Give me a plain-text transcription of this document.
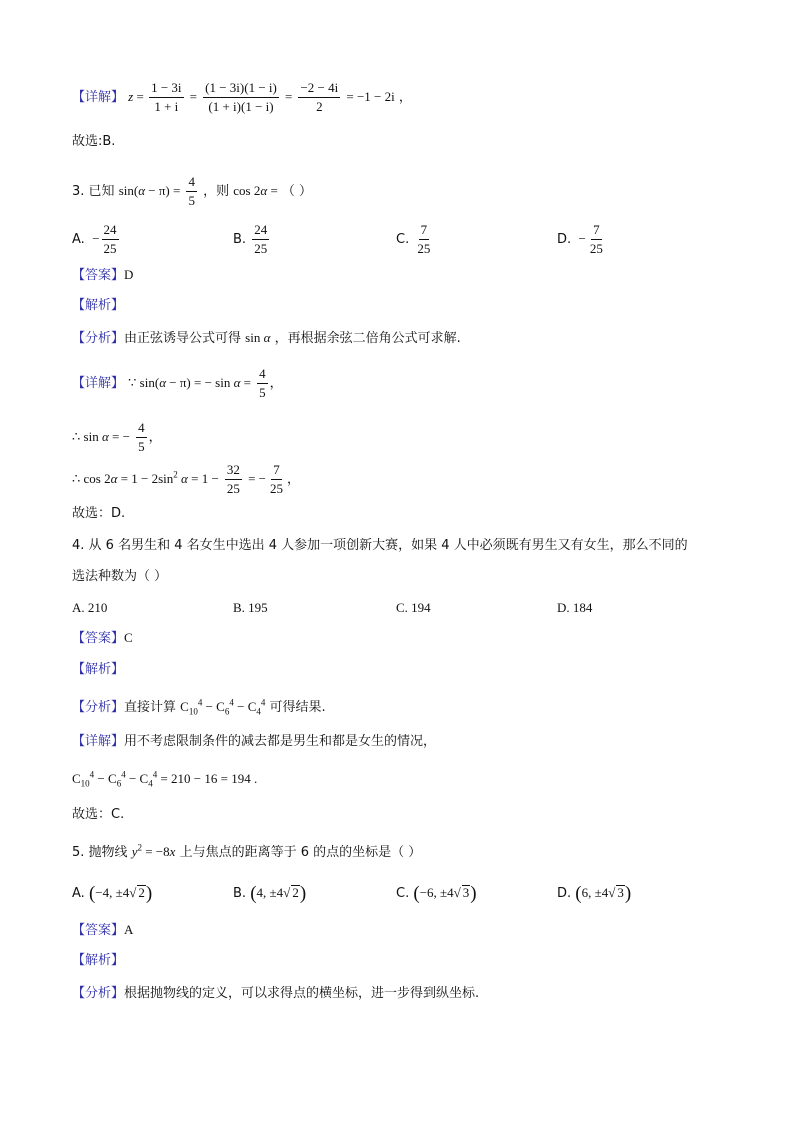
【详解】 $z = \frac{1 - 3i}{1 + i} = \frac{(1 - 3i)(1 - i)}{(1 + i)(1 - i)} = \frac{-2 - 4i}{2} = -1 - 2i$ ，
故选:B.
3. 已知 $\sin(\alpha - \pi) = \frac{4}{5}$ ，则 cos 2α = （ ）
A.  − $\frac{24}{25}$	B. $\frac{24}{25}$	C. $\frac{7}{25}$	D.  − $\frac{7}{25}$
【答案】D
【解析】
【分析】由正弦诱导公式可得 sin α ，再根据余弦二倍角公式可求解.
【详解】 ∵ sin(α − π) = − $\sin \alpha = \frac{4}{5}$ ，
∴ sin α = − $\frac{4}{5}$ ，
∴ $\cos 2\alpha = 1 - 2\sin^2$ $\alpha = 1 - \frac{32}{25}$ = − $\frac{7}{25}$ ，
故选：D.
4. 从 6 名男生和 4 名女生中选出 4 人参加一项创新大赛，如果 4 人中必须既有男生又有女生，那么不同的
选法种数为（ ）
A. 210	B. 195	C. 194	D. 184
【答案】C
【解析】
【分析】直接计算 $C_{10}^4 - C_6^4 - C_4^4$ 可得结果.
【详解】用不考虑限制条件的减去都是男生和都是女生的情况，
$C_{10}^4 - C_6^4 - C_4^4 = 210 - 16 = 194$ .
故选：C.
5. 抛物线 $y^2 = -8x$ 上与焦点的距离等于 6 的点的坐标是（ ）
A. (−4, ±4√ 2)	B. (4, ±4√ 2)	C. (−6, ±4√ 3)	D. (6, ±4√ 3)
【答案】A
【解析】
【分析】根据抛物线的定义，可以求得点的横坐标，进一步得到纵坐标.
